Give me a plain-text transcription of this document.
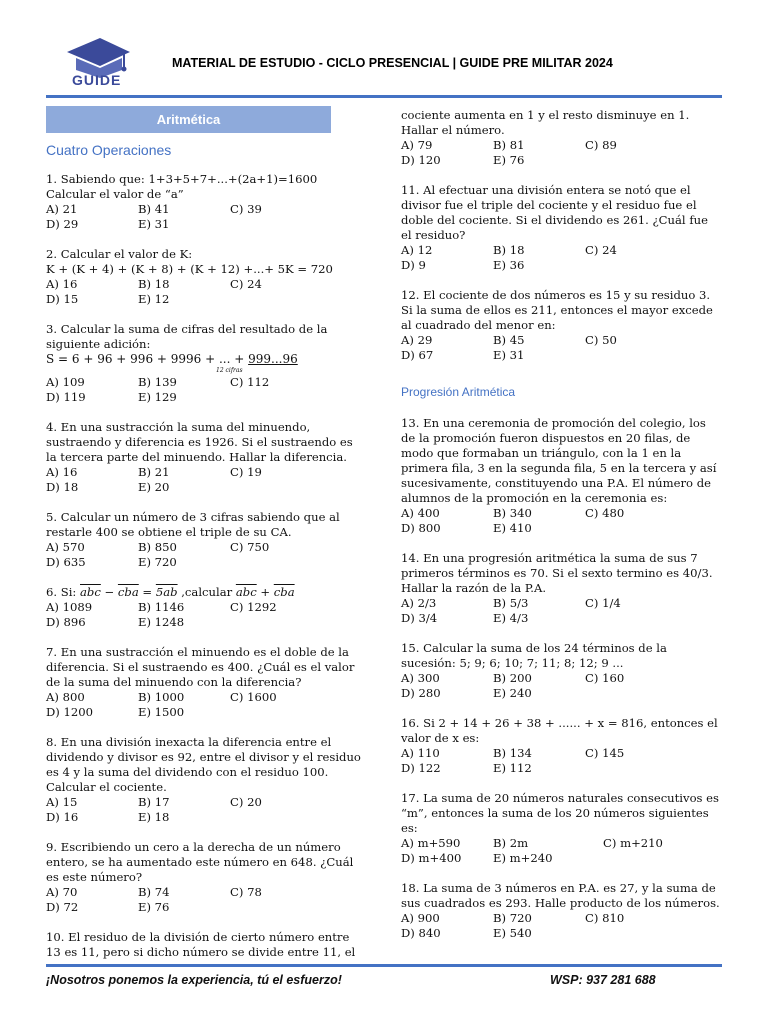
GUIDE
MATERIAL DE ESTUDIO - CICLO PRESENCIAL | GUIDE PRE MILITAR 2024
Aritmética
Cuatro Operaciones

1. Sabiendo que: 1+3+5+7+...+(2a+1)=1600

Calcular el valor de “a”

A) 21	B) 41	C) 39
D) 29	E) 31

2. Calcular el valor de K:

K + (K + 4) + (K + 8) + (K + 12) +...+ 5K = 720

A) 16	B) 18	C) 24
D) 15	E) 12

3. Calcular la suma de cifras del resultado de la siguiente adición:

S = 6 + 96 + 996 + 9996 + ... + 999...96

12 cifras
A) 109	B) 139	C) 112
D) 119	E) 129

4. En una sustracción la suma del minuendo, sustraendo y diferencia es 1926. Si el sustraendo es la tercera parte del minuendo. Hallar la diferencia.

A) 16	B) 21	C) 19
D) 18	E) 20

5. Calcular un número de 3 cifras sabiendo que al restarle 400 se obtiene el triple de su CA.

A) 570	B) 850	C) 750
D) 635	E) 720

6. Si: $\overline{abc} - \overline{cba} = 5ab$ ,calcular $\overline{abc} + \overline{cba}$

A) 1089	B) 1146	C) 1292
D) 896	E) 1248

7. En una sustracción el minuendo es el doble de la diferencia. Si el sustraendo es 400. ¿Cuál es el valor de la suma del minuendo con la diferencia?

A) 800	B) 1000	C) 1600
D) 1200	E) 1500

8. En una división inexacta la diferencia entre el dividendo y divisor es 92, entre el divisor y el residuo es 4 y la suma del dividendo con el residuo 100. Calcular el cociente.

A) 15	B) 17	C) 20
D) 16	E) 18

9. Escribiendo un cero a la derecha de un número entero, se ha aumentado este número en 648. ¿Cuál es este número?

A) 70	B) 74	C) 78
D) 72	E) 76

10. El residuo de la división de cierto número entre 13 es 11, pero si dicho número se divide entre 11, el

cociente aumenta en 1 y el resto disminuye en 1. Hallar el número.

A) 79	B) 81	C) 89
D) 120	E) 76

11. Al efectuar una división entera se notó que el divisor fue el triple del cociente y el residuo fue el doble del cociente. Si el dividendo es 261. ¿Cuál fue el residuo?

A) 12	B) 18	C) 24
D) 9	E) 36

12. El cociente de dos números es 15 y su residuo 3. Si la suma de ellos es 211, entonces el mayor excede al cuadrado del menor en:

A) 29	B) 45	C) 50
D) 67	E) 31
Progresión Aritmética

13. En una ceremonia de promoción del colegio, los de la promoción fueron dispuestos en 20 filas, de modo que formaban un triángulo, con la 1 en la primera fila, 3 en la segunda fila, 5 en la tercera y así sucesivamente, constituyendo una P.A. El número de alumnos de la promoción en la ceremonia es:

A) 400	B) 340	C) 480
D) 800	E) 410

14. En una progresión aritmética la suma de sus 7 primeros términos es 70. Si el sexto termino es 40/3. Hallar la razón de la P.A.

A) 2/3	B) 5/3	C) 1/4
D) 3/4	E) 4/3

15. Calcular la suma de los 24 términos de la sucesión: 5; 9; 6; 10; 7; 11; 8; 12; 9 ...

A) 300	B) 200	C) 160
D) 280	E) 240

16. Si 2 + 14 + 26 + 38 + ...... + x = 816, entonces el valor de x es:

A) 110	B) 134	C) 145
D) 122	E) 112

17. La suma de 20 números naturales consecutivos es “m”, entonces la suma de los 20 números siguientes es:

A) m+590	B) 2m	C) m+210
D) m+400	E) m+240

18. La suma de 3 números en P.A. es 27, y la suma de sus cuadrados es 293. Halle producto de los números.

A) 900	B) 720	C) 810
D) 840	E) 540
¡Nosotros ponemos la experiencia, tú el esfuerzo!	WSP: 937 281 688
